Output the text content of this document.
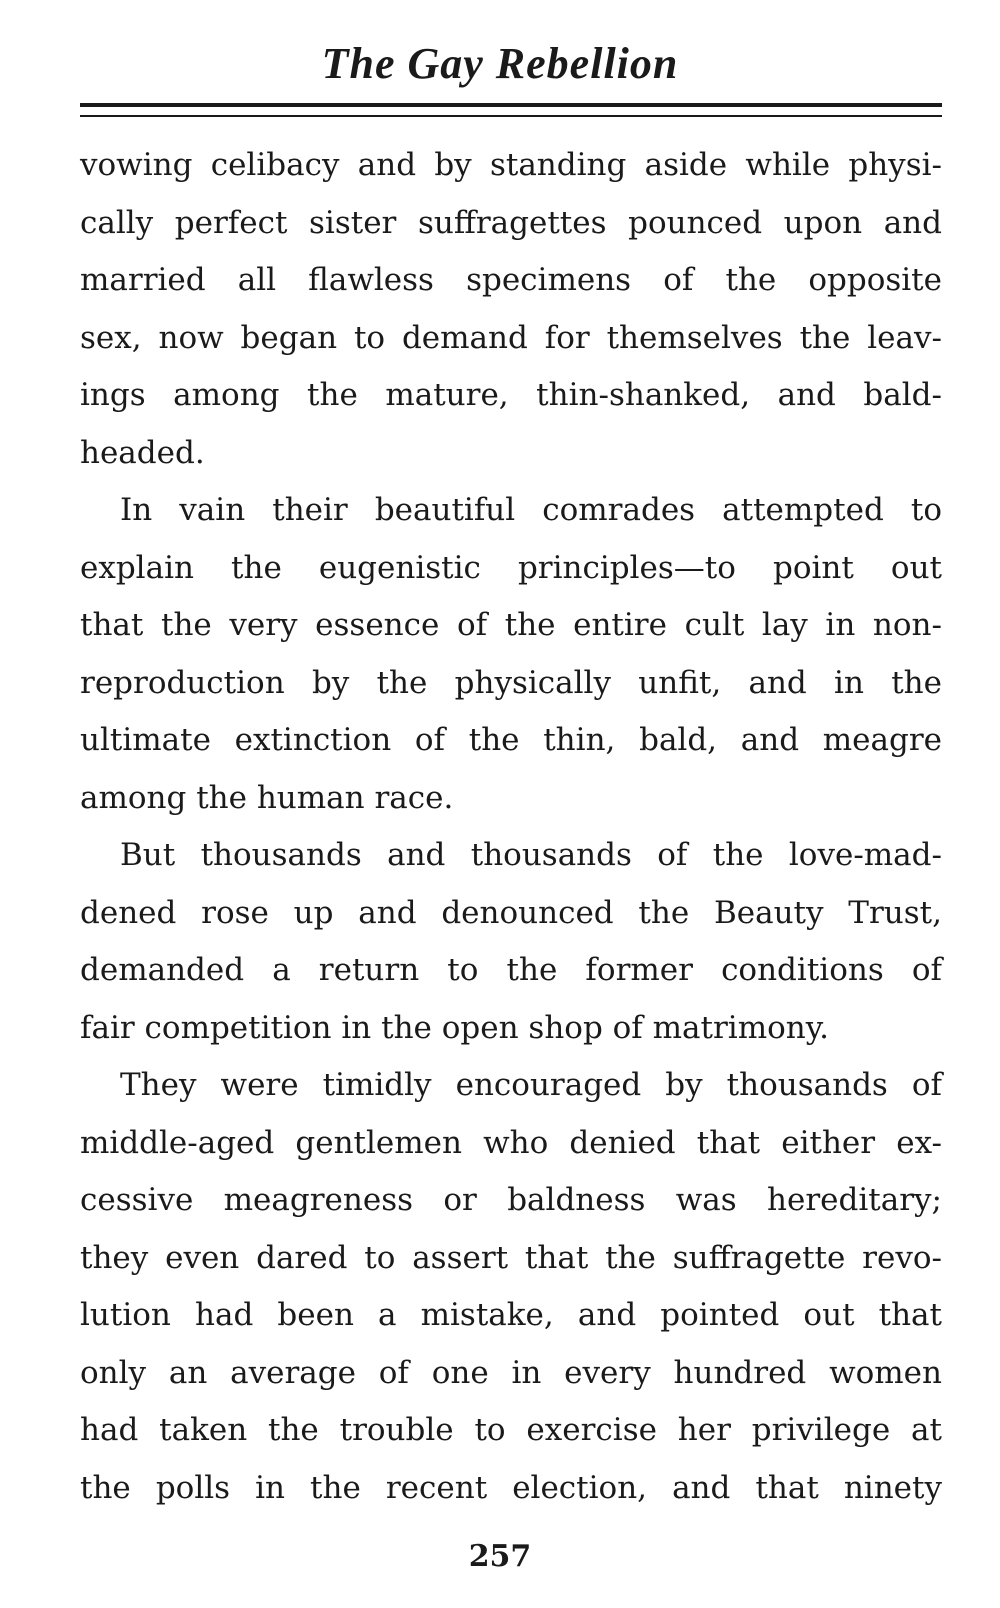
The Gay Rebellion

vowing celibacy and by standing aside while physi-
cally perfect sister suffragettes pounced upon and
married all flawless specimens of the opposite
sex, now began to demand for themselves the leav-
ings among the mature, thin-shanked, and bald-
headed.

In vain their beautiful comrades attempted to
explain the eugenistic principles—to point out
that the very essence of the entire cult lay in non-
reproduction by the physically unfit, and in the
ultimate extinction of the thin, bald, and meagre
among the human race.

But thousands and thousands of the love-mad-
dened rose up and denounced the Beauty Trust,
demanded a return to the former conditions of
fair competition in the open shop of matrimony.

They were timidly encouraged by thousands of
middle-aged gentlemen who denied that either ex-
cessive meagreness or baldness was hereditary;
they even dared to assert that the suffragette revo-
lution had been a mistake, and pointed out that
only an average of one in every hundred women
had taken the trouble to exercise her privilege at
the polls in the recent election, and that ninety

257
